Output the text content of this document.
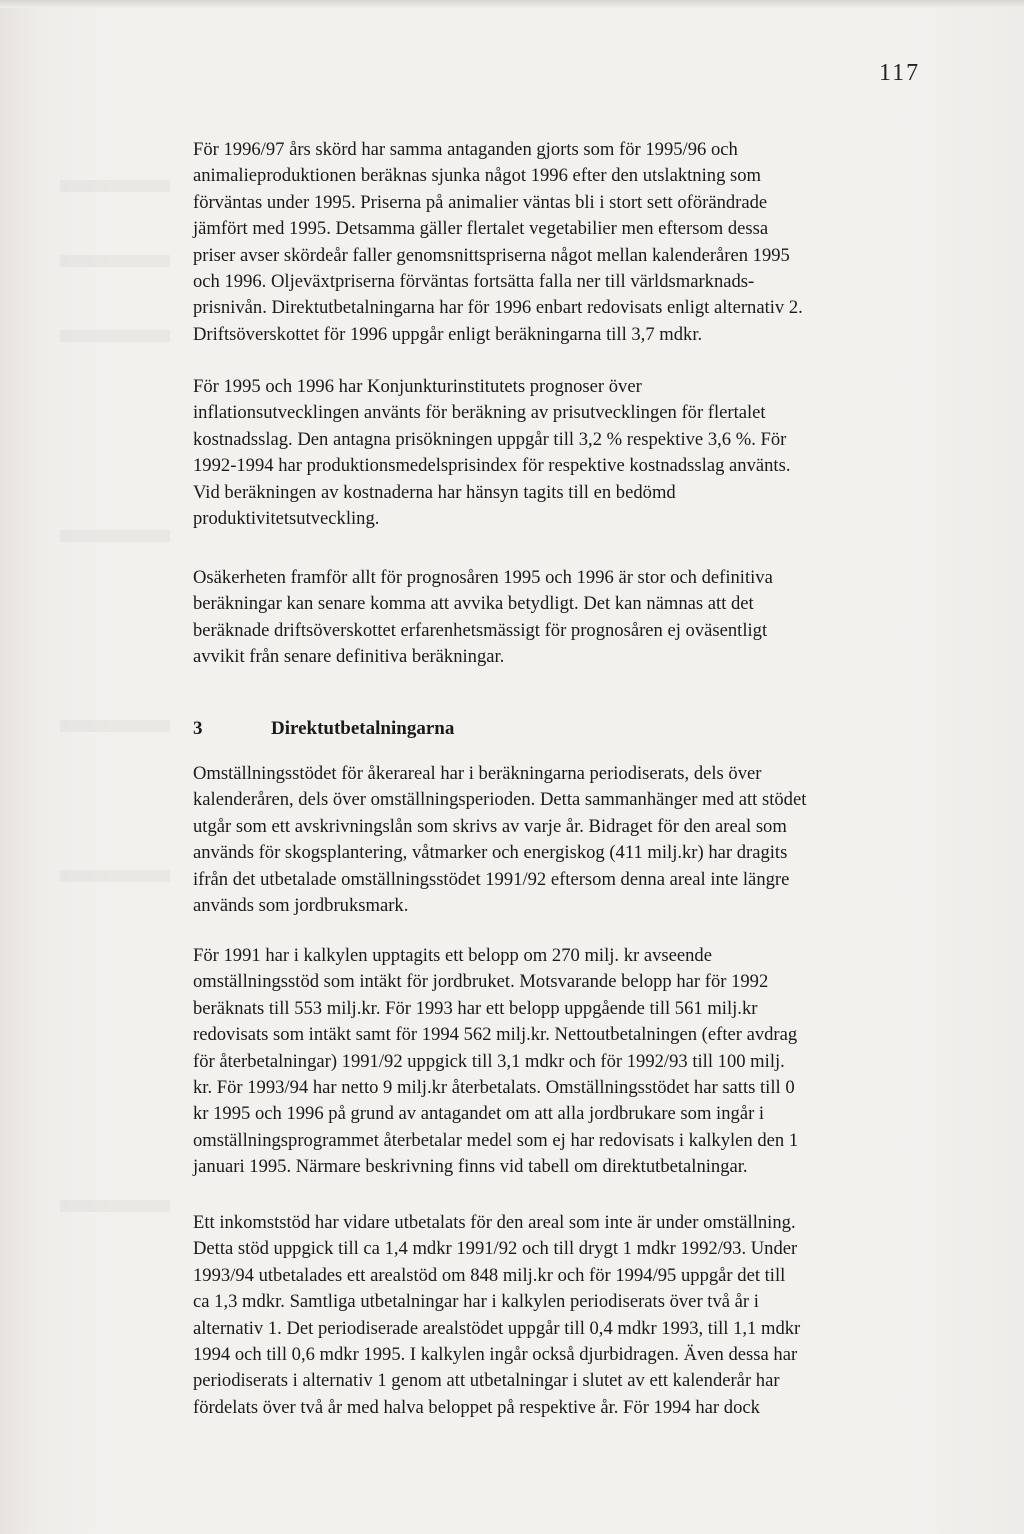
117

För 1996/97 års skörd har samma antaganden gjorts som för 1995/96 och
animalieproduktionen beräknas sjunka något 1996 efter den utslaktning som
förväntas under 1995. Priserna på animalier väntas bli i stort sett oförändrade
jämfört med 1995. Detsamma gäller flertalet vegetabilier men eftersom dessa
priser avser skördeår faller genomsnittspriserna något mellan kalenderåren 1995
och 1996. Oljeväxtpriserna förväntas fortsätta falla ner till världsmarknads-
prisnivån. Direktutbetalningarna har för 1996 enbart redovisats enligt alternativ 2.
Driftsöverskottet för 1996 uppgår enligt beräkningarna till 3,7 mdkr.

För 1995 och 1996 har Konjunkturinstitutets prognoser över
inflationsutvecklingen använts för beräkning av prisutvecklingen för flertalet
kostnadsslag. Den antagna prisökningen uppgår till 3,2 % respektive 3,6 %. För
1992-1994 har produktionsmedelsprisindex för respektive kostnadsslag använts.
Vid beräkningen av kostnaderna har hänsyn tagits till en bedömd
produktivitetsutveckling.

Osäkerheten framför allt för prognosåren 1995 och 1996 är stor och definitiva
beräkningar kan senare komma att avvika betydligt. Det kan nämnas att det
beräknade driftsöverskottet erfarenhetsmässigt för prognosåren ej oväsentligt
avvikit från senare definitiva beräkningar.

3	Direktutbetalningarna

Omställningsstödet för åkerareal har i beräkningarna periodiserats, dels över
kalenderåren, dels över omställningsperioden. Detta sammanhänger med att stödet
utgår som ett avskrivningslån som skrivs av varje år. Bidraget för den areal som
används för skogsplantering, våtmarker och energiskog (411 milj.kr) har dragits
ifrån det utbetalade omställningsstödet 1991/92 eftersom denna areal inte längre
används som jordbruksmark.

För 1991 har i kalkylen upptagits ett belopp om 270 milj. kr avseende
omställningsstöd som intäkt för jordbruket. Motsvarande belopp har för 1992
beräknats till 553 milj.kr. För 1993 har ett belopp uppgående till 561 milj.kr
redovisats som intäkt samt för 1994 562 milj.kr. Nettoutbetalningen (efter avdrag
för återbetalningar) 1991/92 uppgick till 3,1 mdkr och för 1992/93 till 100 milj.
kr. För 1993/94 har netto 9 milj.kr återbetalats. Omställningsstödet har satts till 0
kr 1995 och 1996 på grund av antagandet om att alla jordbrukare som ingår i
omställningsprogrammet återbetalar medel som ej har redovisats i kalkylen den 1
januari 1995. Närmare beskrivning finns vid tabell om direktutbetalningar.

Ett inkomststöd har vidare utbetalats för den areal som inte är under omställning.
Detta stöd uppgick till ca 1,4 mdkr 1991/92 och till drygt 1 mdkr 1992/93. Under
1993/94 utbetalades ett arealstöd om 848 milj.kr och för 1994/95 uppgår det till
ca 1,3 mdkr. Samtliga utbetalningar har i kalkylen periodiserats över två år i
alternativ 1. Det periodiserade arealstödet uppgår till 0,4 mdkr 1993, till 1,1 mdkr
1994 och till 0,6 mdkr 1995. I kalkylen ingår också djurbidragen. Även dessa har
periodiserats i alternativ 1 genom att utbetalningar i slutet av ett kalenderår har
fördelats över två år med halva beloppet på respektive år. För 1994 har dock
